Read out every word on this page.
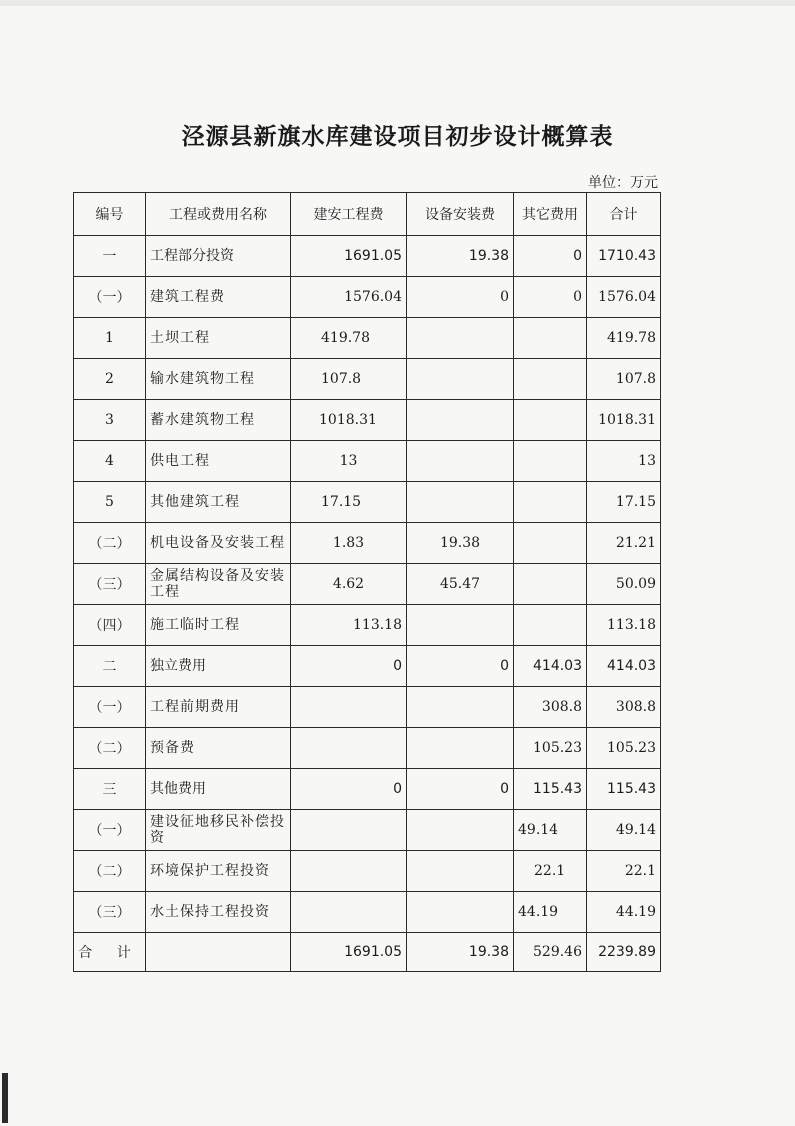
泾源县新旗水库建设项目初步设计概算表
单位：万元
编号	工程或费用名称	建安工程费	设备安装费	其它费用	合计
一	工程部分投资	1691.05	19.38	0	1710.43
（一）	建筑工程费	1576.04	0	0	1576.04
1	土坝工程	419.78			419.78
2	输水建筑物工程	107.8			107.8
3	蓄水建筑物工程	1018.31			1018.31
4	供电工程	13			13
5	其他建筑工程	17.15			17.15
（二）	机电设备及安装工程	1.83	19.38		21.21
（三）	金属结构设备及安装工程	4.62	45.47		50.09
（四）	施工临时工程	113.18			113.18
二	独立费用	0	0	414.03	414.03
（一）	工程前期费用			308.8	308.8
（二）	预备费			105.23	105.23
三	其他费用	0	0	115.43	115.43
（一）	建设征地移民补偿投资			49.14	49.14
（二）	环境保护工程投资			22.1	22.1
（三）	水土保持工程投资			44.19	44.19
合 计		1691.05	19.38	529.46	2239.89
